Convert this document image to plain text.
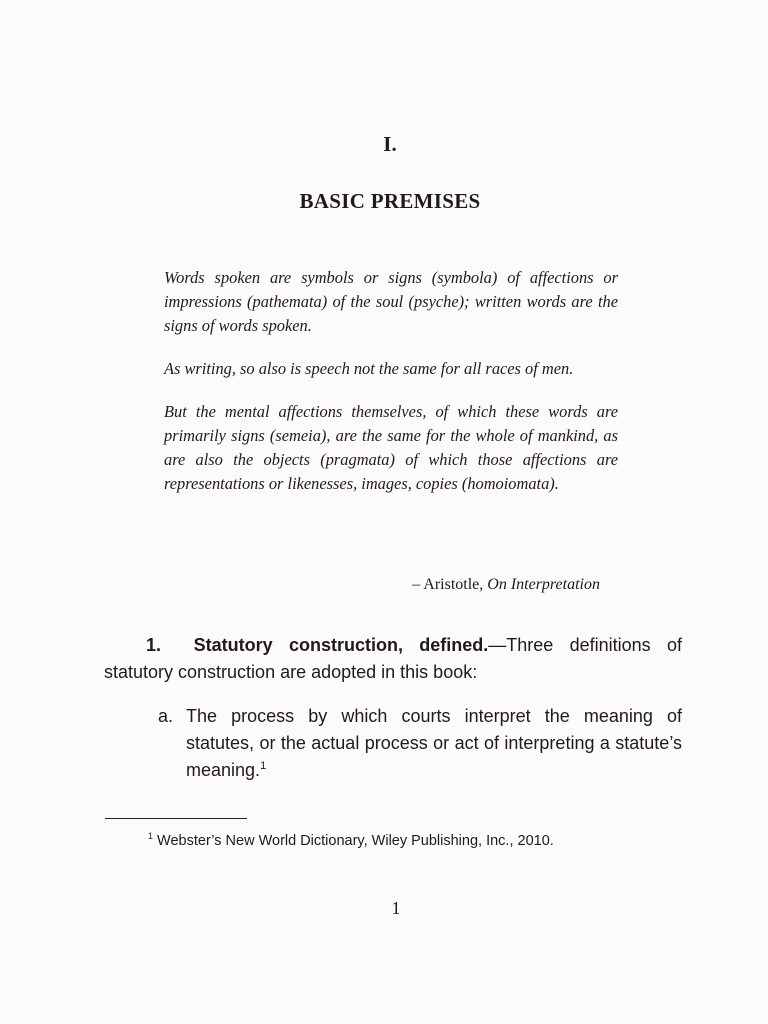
I.
BASIC PREMISES

Words spoken are symbols or signs (symbola) of affections or impressions (pathemata) of the soul (psyche); written words are the signs of words spoken.

As writing, so also is speech not the same for all races of men.

But the mental affections themselves, of which these words are primarily signs (semeia), are the same for the whole of mankind, as are also the objects (pragmata) of which those affections are representations or likenesses, images, copies (homoiomata).

– Aristotle, On Interpretation
1. Statutory construction, defined.—Three definitions of statutory construction are adopted in this book:
a. The process by which courts interpret the meaning of statutes, or the actual process or act of interpreting a statute’s meaning.$^1$
$^1$ Webster’s New World Dictionary, Wiley Publishing, Inc., 2010.
1
